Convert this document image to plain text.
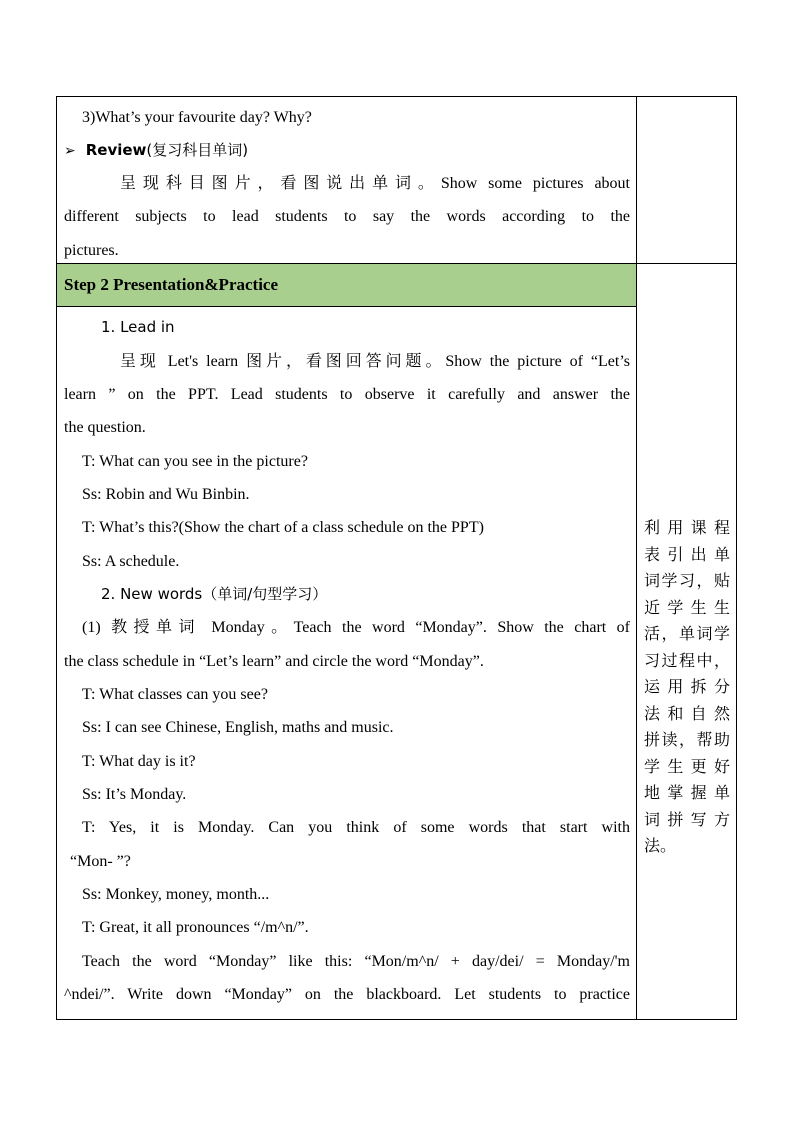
3)What’s your favourite day? Why?
➢ Review(复习科目单词)
呈现科目图片，看图说出单词。Show some pictures about
different subjects to lead students to say the words according to the
pictures.
Step 2 Presentation&Practice
1. Lead in
呈现 Let's learn 图片，看图回答问题。Show the picture of “Let’s
learn ” on the PPT. Lead students to observe it carefully and answer the
the question.
T: What can you see in the picture?
Ss: Robin and Wu Binbin.
T: What’s this?(Show the chart of a class schedule on the PPT)
Ss: A schedule.
2. New words（单词/句型学习）
(1) 教授单词 Monday。Teach the word “Monday”. Show the chart of
the class schedule in “Let’s learn” and circle the word “Monday”.
T: What classes can you see?
Ss: I can see Chinese, English, maths and music.
T: What day is it?
Ss: It’s Monday.
T: Yes, it is Monday. Can you think of some words that start with
“Mon- ”?
Ss: Monkey, money, month...
T: Great, it all pronounces “/m^n/”.
Teach the word “Monday” like this: “Mon/m^n/ + day/dei/ = Monday/'m
^ndei/”. Write down “Monday” on the blackboard. Let students to practice
利用课程
表引出单
词学习，贴
近学生生
活，单词学
习过程中，
运用拆分
法和自然
拼读，帮助
学生更好
地掌握单
词拼写方
法。
